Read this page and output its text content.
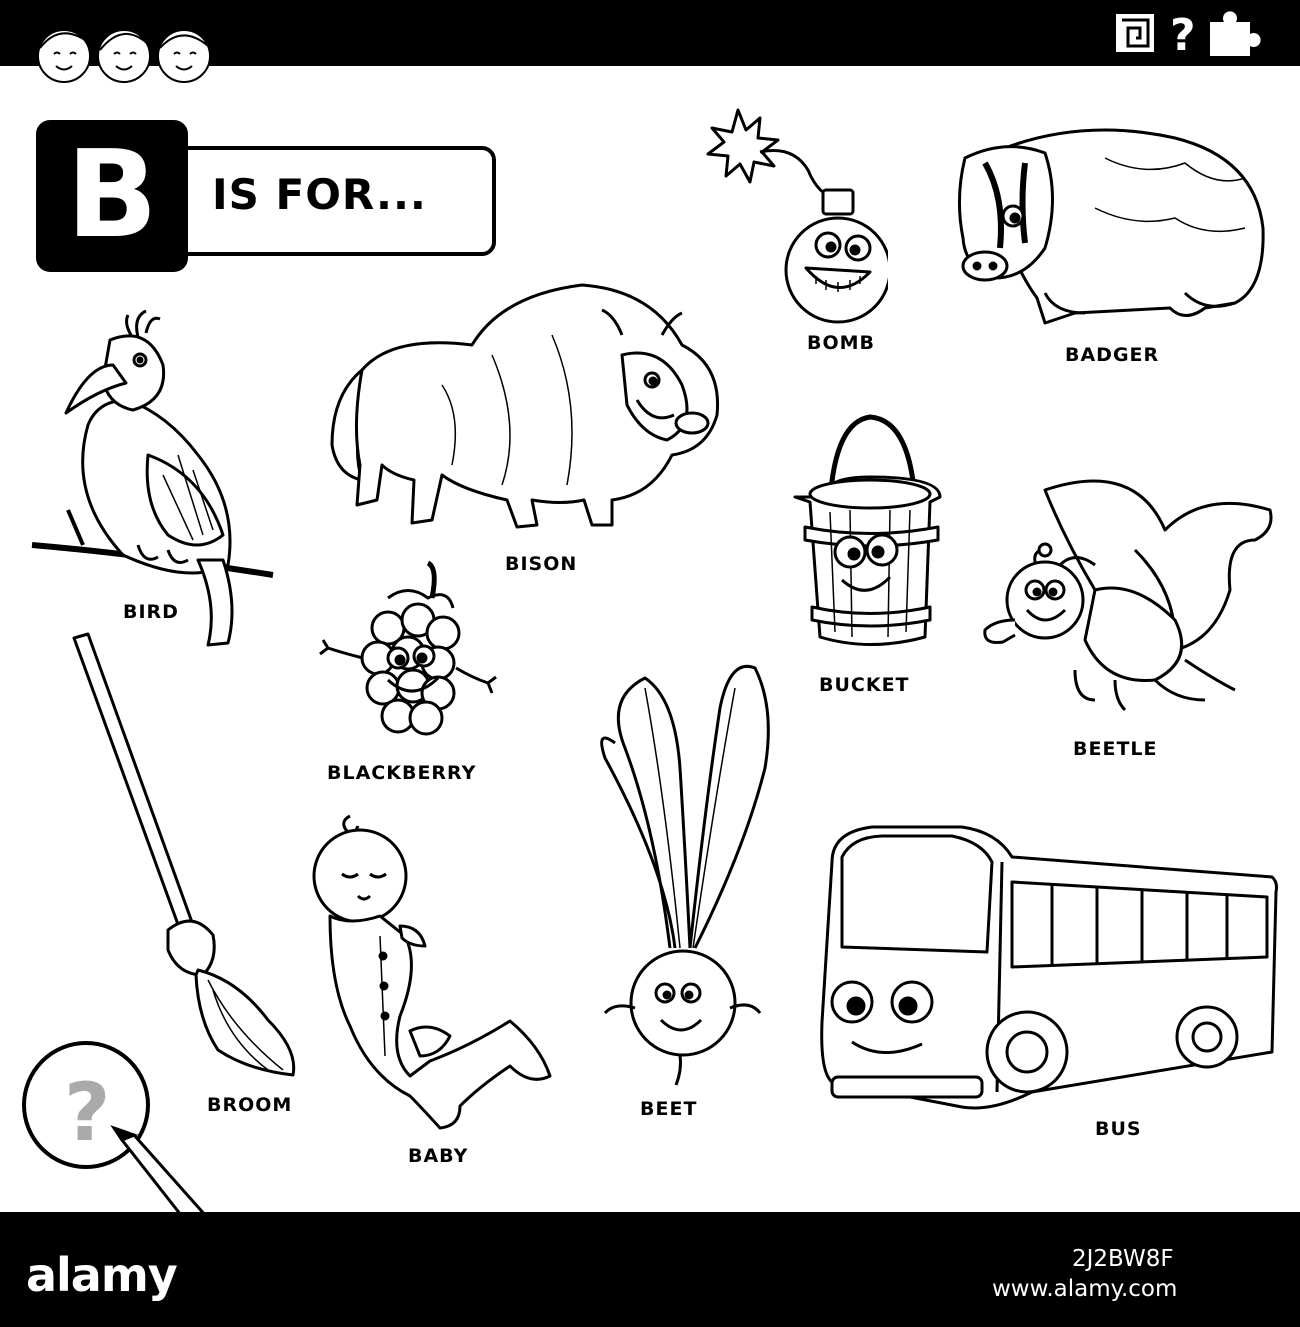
?
B	IS FOR...
BIRD
BISON
BOMB
BADGER
BUCKET
BEETLE
BLACKBERRY
BROOM
?	BABY
BEET
BUS
alamy	2J2BW8F
www.alamy.com
